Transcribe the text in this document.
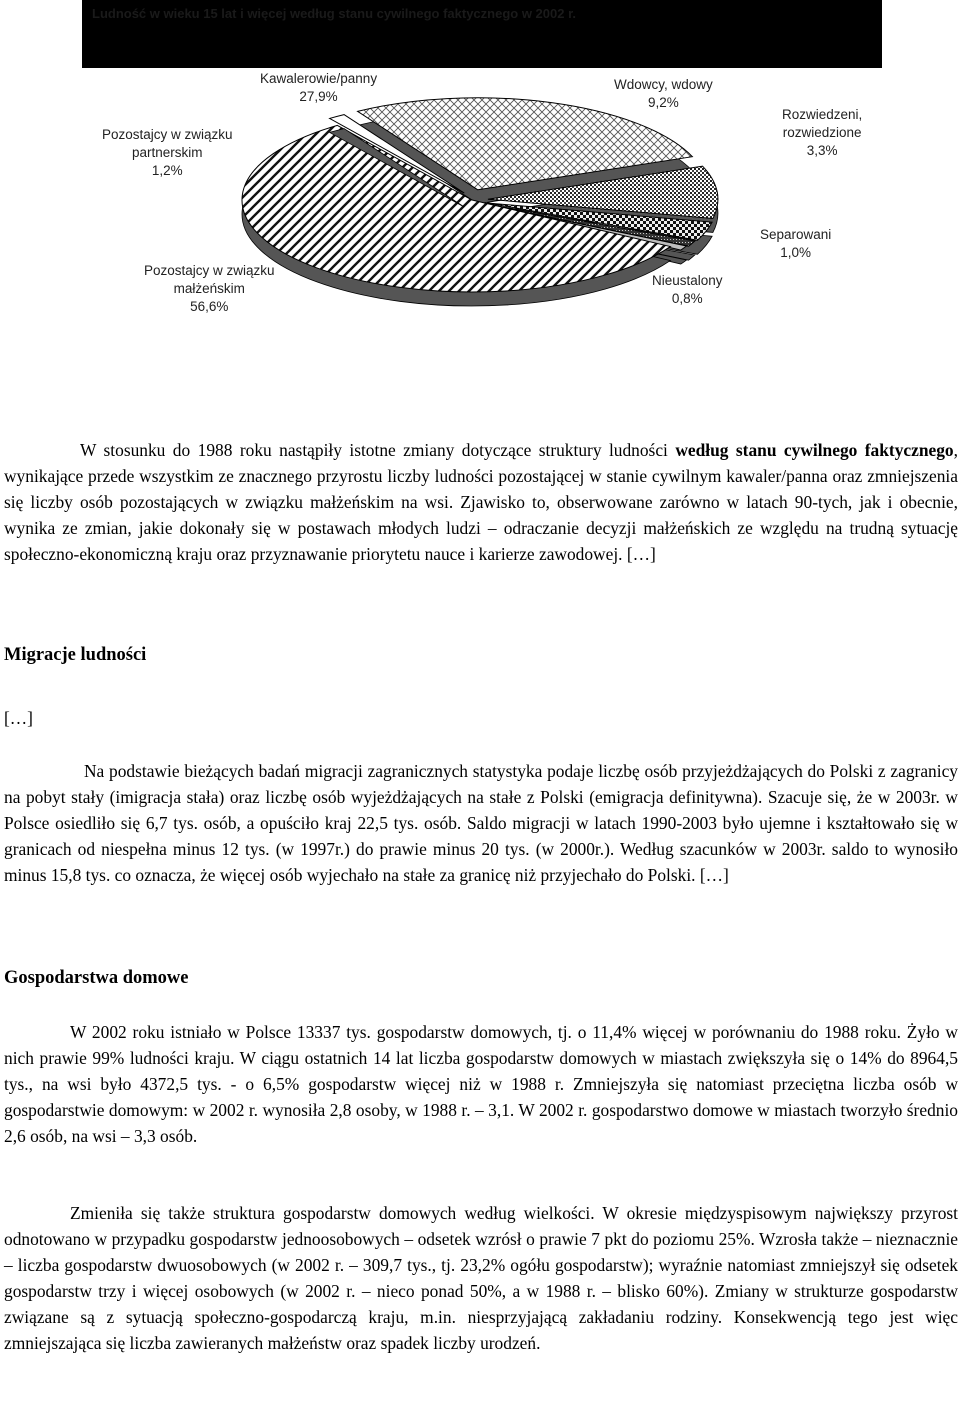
Ludność w wieku 15 lat i więcej według stanu cywilnego faktycznego w 2002 r.
Kawalerowie/panny
27,9%
Wdowcy, wdowy
9,2%
Rozwiedzeni,
rozwiedzione
3,3%
Separowani
1,0%
Nieustalony
0,8%
Pozostajcy w związku
małżeńskim
56,6%
Pozostajcy w związku
partnerskim
1,2%
W stosunku do 1988 roku nastąpiły istotne zmiany dotyczące struktury ludności według stanu cywilnego faktycznego, wynikające przede wszystkim ze znacznego przyrostu liczby ludności pozostającej w stanie cywilnym kawaler/panna oraz zmniejszenia się liczby osób pozostających w związku małżeńskim na wsi. Zjawisko to, obserwowane zarówno w latach 90-tych, jak i obecnie, wynika ze zmian, jakie dokonały się w postawach młodych ludzi – odraczanie decyzji małżeńskich ze względu na trudną sytuację społeczno-ekonomiczną kraju oraz przyznawanie priorytetu nauce i karierze zawodowej. […]
Migracje ludności
[…]
Na podstawie bieżących badań migracji zagranicznych statystyka podaje liczbę osób przyjeżdżających do Polski z zagranicy na pobyt stały (imigracja stała) oraz liczbę osób wyjeżdżających na stałe z Polski (emigracja definitywna). Szacuje się, że w 2003r. w Polsce osiedliło się 6,7 tys. osób, a opuściło kraj 22,5 tys. osób. Saldo migracji w latach 1990-2003 było ujemne i kształtowało się w granicach od niespełna minus 12 tys. (w 1997r.) do prawie minus 20 tys. (w 2000r.). Według szacunków w 2003r. saldo to wynosiło minus 15,8 tys. co oznacza, że więcej osób wyjechało na stałe za granicę niż przyjechało do Polski. […]
Gospodarstwa domowe
W 2002 roku istniało w Polsce 13337 tys. gospodarstw domowych, tj. o 11,4% więcej w porównaniu do 1988 roku. Żyło w nich prawie 99% ludności kraju. W ciągu ostatnich 14 lat liczba gospodarstw domowych w miastach zwiększyła się o 14% do 8964,5 tys., na wsi było 4372,5 tys. - o 6,5% gospodarstw więcej niż w 1988 r. Zmniejszyła się natomiast przeciętna liczba osób w gospodarstwie domowym: w 2002 r. wynosiła 2,8 osoby, w 1988 r. – 3,1. W 2002 r. gospodarstwo domowe w miastach tworzyło średnio 2,6 osób, na wsi – 3,3 osób.
Zmieniła się także struktura gospodarstw domowych według wielkości. W okresie międzyspisowym największy przyrost odnotowano w przypadku gospodarstw jednoosobowych – odsetek wzrósł o prawie 7 pkt do poziomu 25%. Wzrosła także – nieznacznie – liczba gospodarstw dwuosobowych (w 2002 r. – 309,7 tys., tj. 23,2% ogółu gospodarstw); wyraźnie natomiast zmniejszył się odsetek gospodarstw trzy i więcej osobowych (w 2002 r. – nieco ponad 50%, a w 1988 r. – blisko 60%). Zmiany w strukturze gospodarstw związane są z sytuacją społeczno-gospodarczą kraju, m.in. niesprzyjającą zakładaniu rodziny. Konsekwencją tego jest więc zmniejszająca się liczba zawieranych małżeństw oraz spadek liczby urodzeń.
